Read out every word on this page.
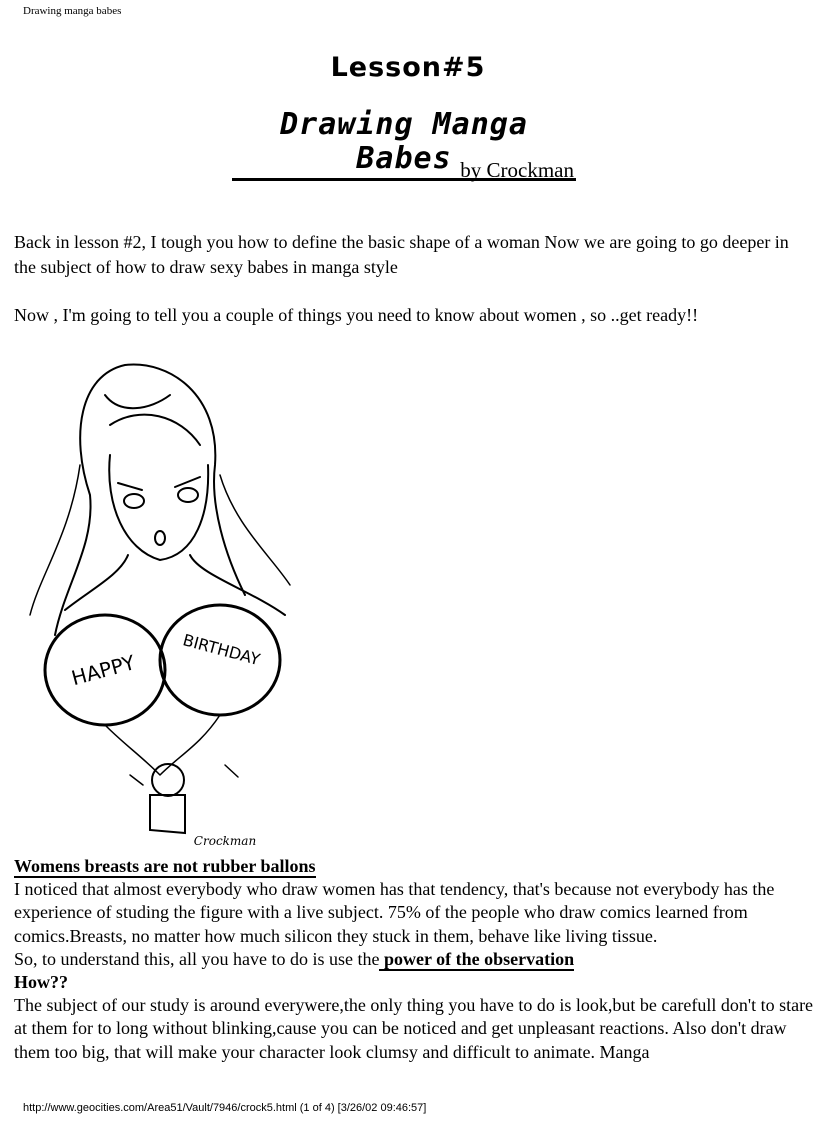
Drawing manga babes
Lesson#5
Drawing Manga Babes by Crockman

Back in lesson #2, I tough you how to define the basic shape of a woman Now we are going to go deeper in the subject of how to draw sexy babes in manga style

Now , I'm going to tell you a couple of things you need to know about women , so ..get ready!!

HAPPY
BIRTHDAY
Crockman
Womens breasts are not rubber ballons
I noticed that almost everybody who draw women has that tendency, that's because not everybody has the experience of studing the figure with a live subject. 75% of the people who draw comics learned from comics.Breasts, no matter how much silicon they stuck in them, behave like living tissue.
So, to understand this, all you have to do is use the power of the observation
How??
The subject of our study is around everywere,the only thing you have to do is look,but be carefull don't to stare at them for to long without blinking,cause you can be noticed and get unpleasant reactions. Also don't draw them too big, that will make your character look clumsy and difficult to animate. Manga
http://www.geocities.com/Area51/Vault/7946/crock5.html (1 of 4) [3/26/02 09:46:57]
